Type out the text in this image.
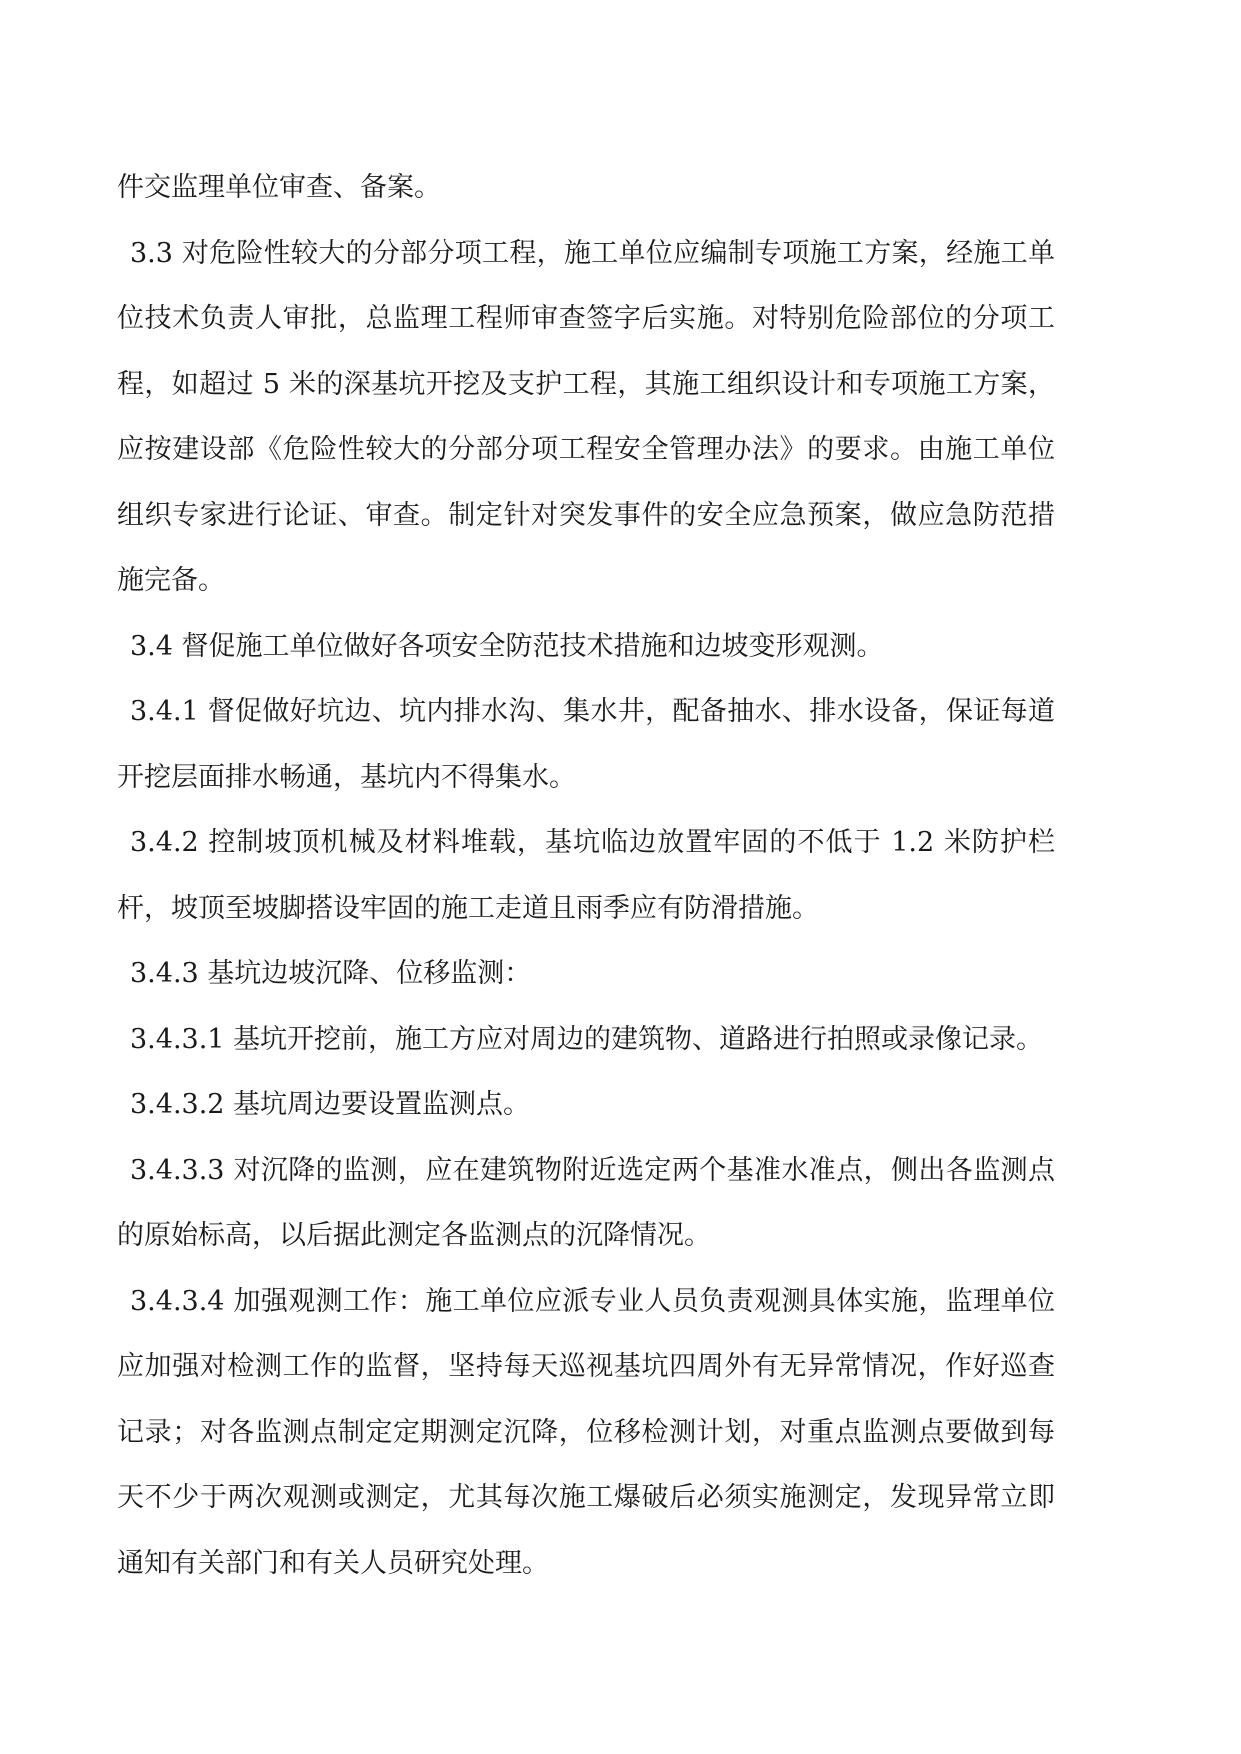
件交监理单位审查、备案。

3.3 对危险性较大的分部分项工程，施工单位应编制专项施工方案，经施工单位技术负责人审批，总监理工程师审查签字后实施。对特别危险部位的分项工程，如超过 5 米的深基坑开挖及支护工程，其施工组织设计和专项施工方案，应按建设部《危险性较大的分部分项工程安全管理办法》的要求。由施工单位组织专家进行论证、审查。制定针对突发事件的安全应急预案，做应急防范措施完备。

3.4 督促施工单位做好各项安全防范技术措施和边坡变形观测。

3.4.1 督促做好坑边、坑内排水沟、集水井，配备抽水、排水设备，保证每道开挖层面排水畅通，基坑内不得集水。

3.4.2 控制坡顶机械及材料堆载，基坑临边放置牢固的不低于 1.2 米防护栏杆，坡顶至坡脚搭设牢固的施工走道且雨季应有防滑措施。

3.4.3 基坑边坡沉降、位移监测：

3.4.3.1 基坑开挖前，施工方应对周边的建筑物、道路进行拍照或录像记录。

3.4.3.2 基坑周边要设置监测点。

3.4.3.3 对沉降的监测，应在建筑物附近选定两个基准水准点，侧出各监测点的原始标高，以后据此测定各监测点的沉降情况。

3.4.3.4 加强观测工作：施工单位应派专业人员负责观测具体实施，监理单位应加强对检测工作的监督，坚持每天巡视基坑四周外有无异常情况，作好巡查记录；对各监测点制定定期测定沉降，位移检测计划，对重点监测点要做到每天不少于两次观测或测定，尤其每次施工爆破后必须实施测定，发现异常立即通知有关部门和有关人员研究处理。
